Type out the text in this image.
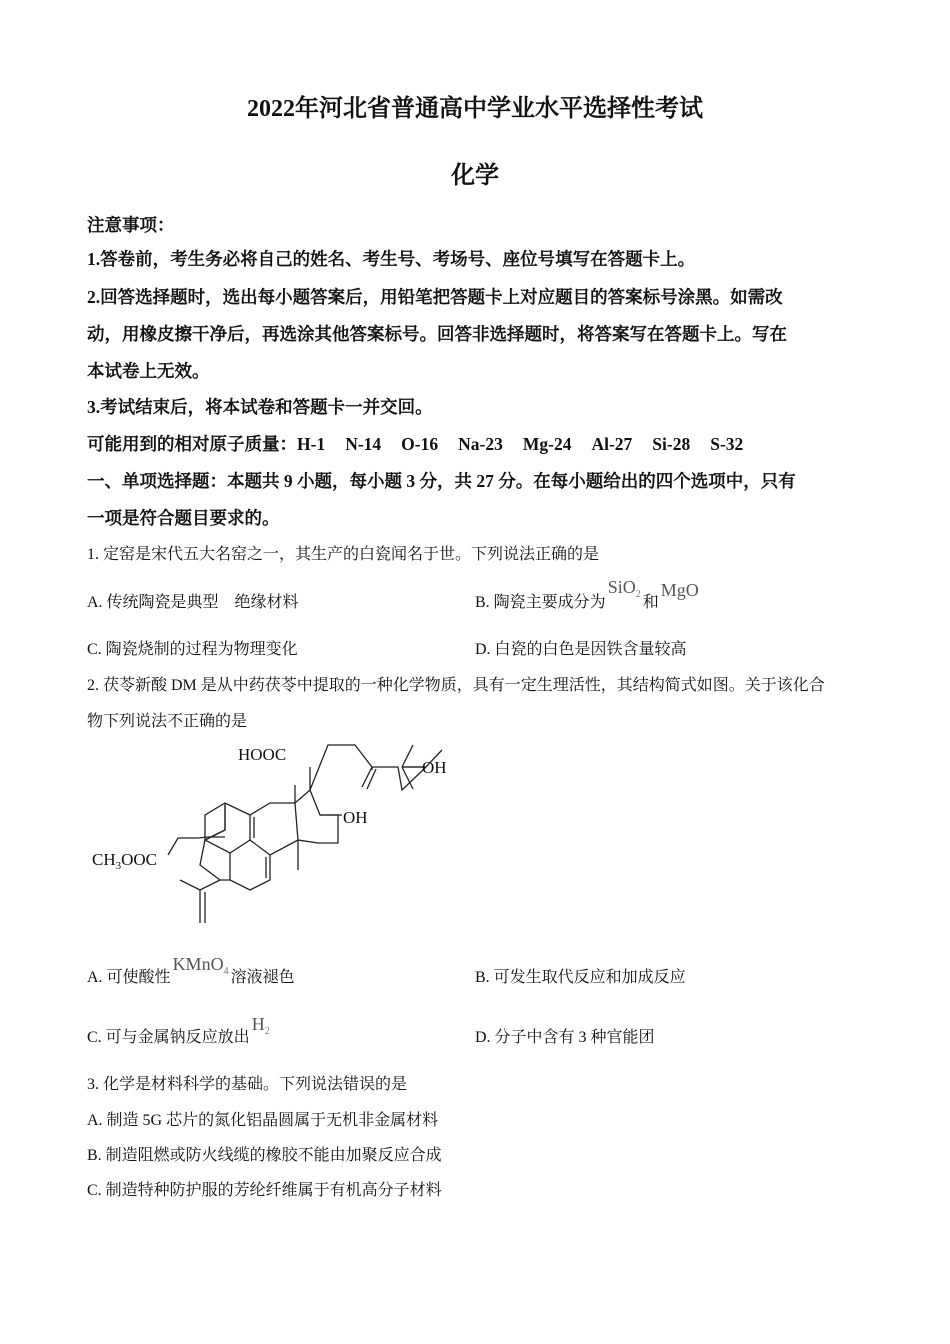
2022年河北省普通高中学业水平选择性考试
化学
注意事项：
1.答卷前，考生务必将自己的姓名、考生号、考场号、座位号填写在答题卡上。
2.回答选择题时，选出每小题答案后，用铅笔把答题卡上对应题目的答案标号涂黑。如需改
动，用橡皮擦干净后，再选涂其他答案标号。回答非选择题时，将答案写在答题卡上。写在
本试卷上无效。
3.考试结束后，将本试卷和答题卡一并交回。
可能用到的相对原子质量：H-1 N-14 O-16 Na-23 Mg-24 Al-27 Si-28 S-32
一、单项选择题：本题共 9 小题，每小题 3 分，共 27 分。在每小题给出的四个选项中，只有
一项是符合题目要求的。
1. 定窑是宋代五大名窑之一，其生产的白瓷闻名于世。下列说法正确的是
A. 传统陶瓷是典型　绝缘材料	B. 陶瓷主要成分为SiO$_2$ 和MgO
C. 陶瓷烧制的过程为物理变化	D. 白瓷的白色是因铁含量较高
2. 茯苓新酸 DM 是从中药茯苓中提取的一种化学物质，具有一定生理活性，其结构简式如图。关于该化合
物下列说法不正确的是
HOOC
OH
OH
$CH_3OOC$
A. 可使酸性KMnO$_4$ 溶液褪色	B. 可发生取代反应和加成反应
C. 可与金属钠反应放出$H_2$	D. 分子中含有 3 种官能团
3. 化学是材料科学的基础。下列说法错误的是
A. 制造 5G 芯片的氮化铝晶圆属于无机非金属材料
B. 制造阻燃或防火线缆的橡胶不能由加聚反应合成
C. 制造特种防护服的芳纶纤维属于有机高分子材料
